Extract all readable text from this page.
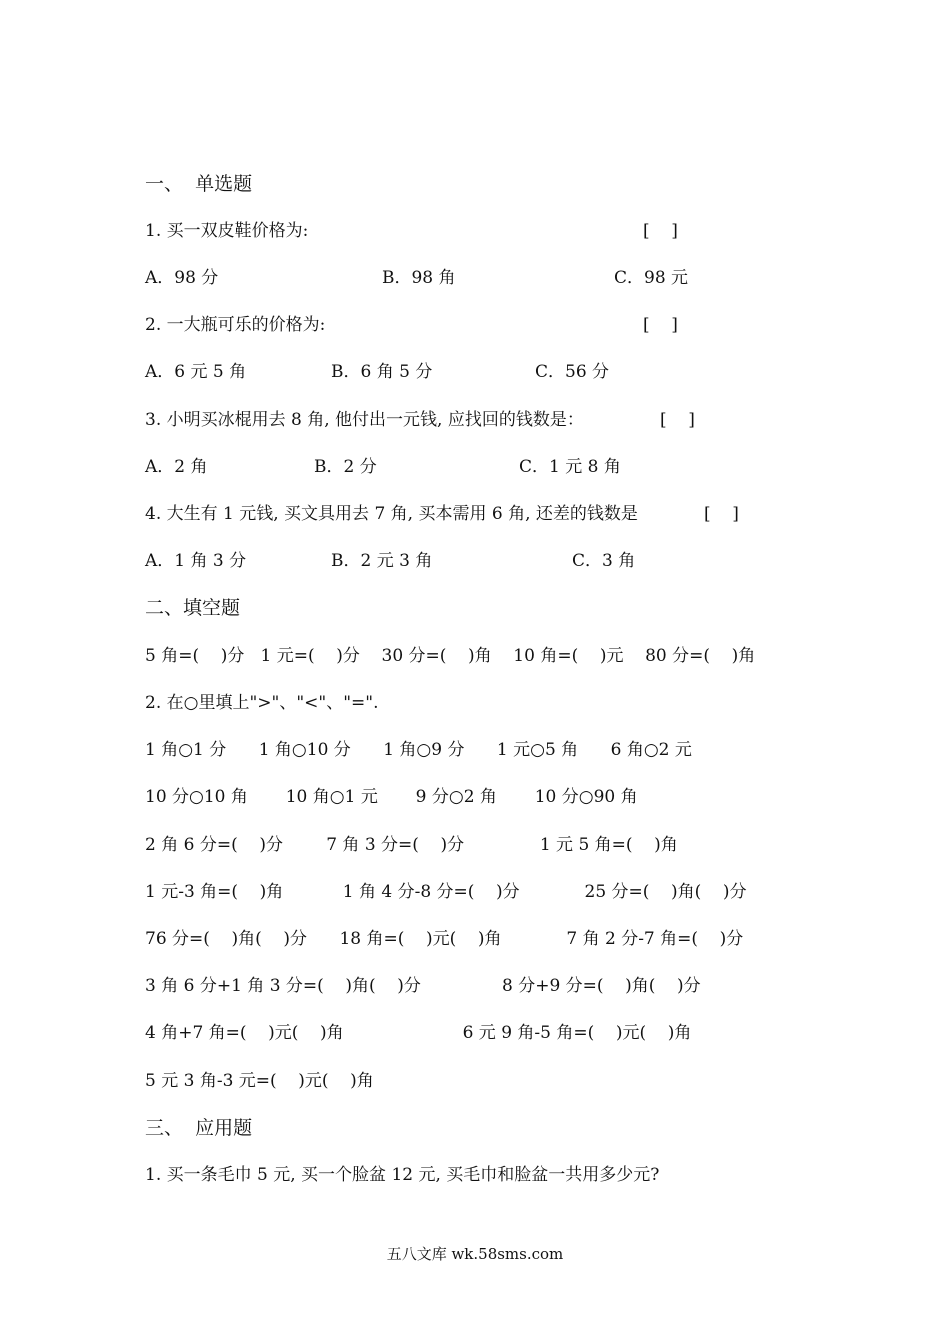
一、  单选题
1. 买一双皮鞋价格为:	[    ]
A．98 分	B．98 角	C．98 元
2. 一大瓶可乐的价格为:	[    ]
A．6 元 5 角	B．6 角 5 分	C．56 分
3. 小明买冰棍用去 8 角, 他付出一元钱, 应找回的钱数是：	[    ]
A．2 角	B．2 分	C．1 元 8 角
4. 大生有 1 元钱, 买文具用去 7 角, 买本需用 6 角, 还差的钱数是	[    ]
A．1 角 3 分	B．2 元 3 角	C．3 角
二、填空题
5 角=(    )分   1 元=(    )分    30 分=(    )角    10 角=(    )元    80 分=(    )角
2. 在○里填上">"、"<"、"=".
1 角○1 分      1 角○10 分      1 角○9 分      1 元○5 角      6 角○2 元
10 分○10 角       10 角○1 元       9 分○2 角       10 分○90 角
2 角 6 分=(    )分        7 角 3 分=(    )分              1 元 5 角=(    )角
1 元-3 角=(    )角           1 角 4 分-8 分=(    )分            25 分=(    )角(    )分
76 分=(    )角(    )分      18 角=(    )元(    )角            7 角 2 分-7 角=(    )分
3 角 6 分+1 角 3 分=(    )角(    )分               8 分+9 分=(    )角(    )分
4 角+7 角=(    )元(    )角                      6 元 9 角-5 角=(    )元(    )角
5 元 3 角-3 元=(    )元(    )角
三、  应用题
1. 买一条毛巾 5 元, 买一个脸盆 12 元, 买毛巾和脸盆一共用多少元?
五八文库 wk.58sms.com
